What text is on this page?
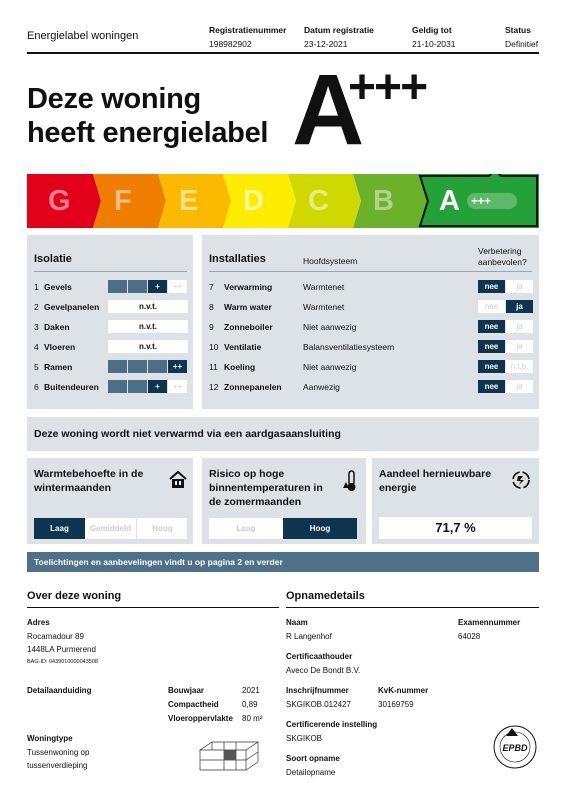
Energielabel woningen	Registratienummer
198982902
Datum registratie
23-12-2021
Geldig tot
21-10-2031
Status
Definitief
Deze woning
heeft energielabel A
+++
G F E D C B A +++
Isolatie
1 Gevels	+	++
2 Gevelpanelen	n.v.t.
3 Daken	n.v.t.
4 Vloeren	n.v.t.
5 Ramen	++
6 Buitendeuren	+	++
Installaties	Hoofdsysteem
Verbetering aanbevolen?
7 Verwarming	Warmtenet	nee	ja
8 Warm water	Warmtenet	nee	ja
9 Zonneboiler	Niet aanwezig	nee	ja
10 Ventilatie	Balansventilatiesysteem	nee	ja
11 Koeling	Niet aanwezig	nee	n.t.b.
12 Zonnepanelen	Aanwezig	nee	ja
Deze woning wordt niet verwarmd via een aardgasaansluiting
Warmtebehoefte in de wintermaanden
Laag	Gemiddeld	Hoog
Risico op hoge binnentemperaturen in de zomermaanden
Laag	Hoog
Aandeel hernieuwbare energie
71,7 %
Toelichtingen en aanbevelingen vindt u op pagina 2 en verder
Over deze woning
Adres
Rocamadour 89
1448LA Purmerend
BAG-ID: 0439010000043508
Detailaanduiding	Bouwjaar	2021
Compactheid	0,89
Vloeroppervlakte 80 m²
Woningtype
Tussenwoning op
tussenverdieping
Opnamedetails
Naam
R Langenhof
Examennummer
64028
Certificaathouder
Aveco De Bondt B.V.
Inschrijfnummer
SKGIKOB.012427
KvK-nummer
30169759
Certificerende instelling
SKGIKOB
Soort opname
Detailopname
EPBD
